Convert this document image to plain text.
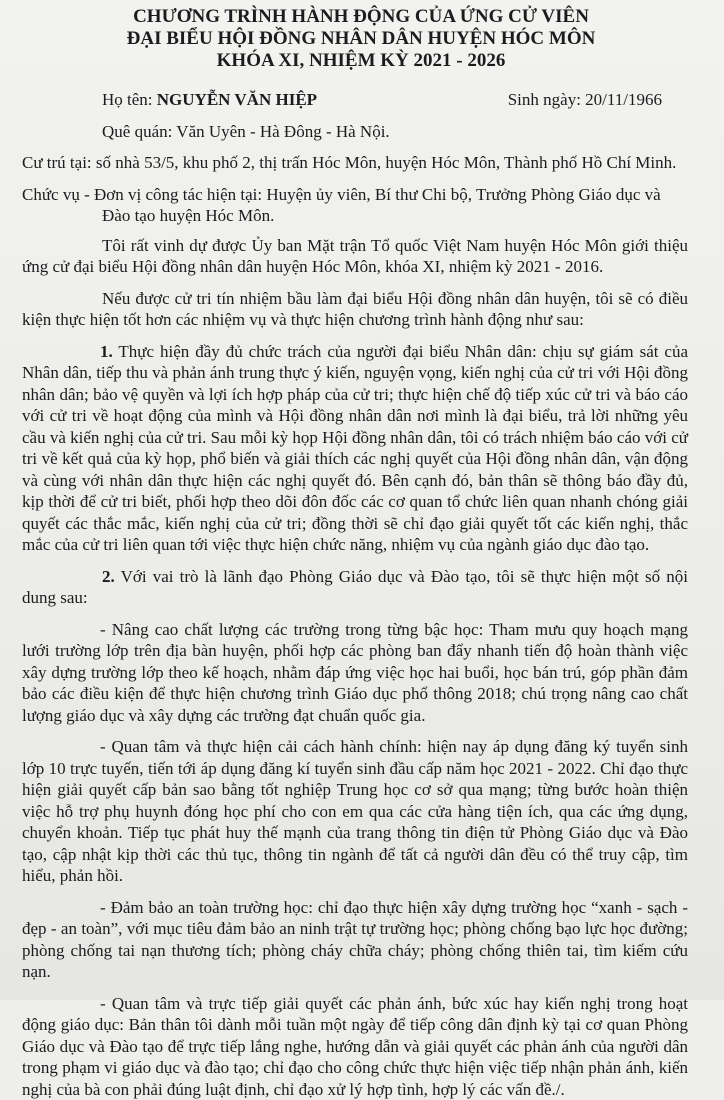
CHƯƠNG TRÌNH HÀNH ĐỘNG CỦA ỨNG CỬ VIÊN
ĐẠI BIỂU HỘI ĐỒNG NHÂN DÂN HUYỆN HÓC MÔN
KHÓA XI, NHIỆM KỲ 2021 - 2026
Họ tên: NGUYỄN VĂN HIỆP	Sinh ngày: 20/11/1966

Quê quán: Văn Uyên - Hà Đông - Hà Nội.

Cư trú tại: số nhà 53/5, khu phố 2, thị trấn Hóc Môn, huyện Hóc Môn, Thành phố Hồ Chí Minh.

Chức vụ - Đơn vị công tác hiện tại: Huyện ủy viên, Bí thư Chi bộ, Trưởng Phòng Giáo dục và Đào tạo huyện Hóc Môn.

Tôi rất vinh dự được Ủy ban Mặt trận Tổ quốc Việt Nam huyện Hóc Môn giới thiệu ứng cử đại biểu Hội đồng nhân dân huyện Hóc Môn, khóa XI, nhiệm kỳ 2021 - 2016.

Nếu được cử tri tín nhiệm bầu làm đại biểu Hội đồng nhân dân huyện, tôi sẽ có điều kiện thực hiện tốt hơn các nhiệm vụ và thực hiện chương trình hành động như sau:

1. Thực hiện đầy đủ chức trách của người đại biểu Nhân dân: chịu sự giám sát của Nhân dân, tiếp thu và phản ánh trung thực ý kiến, nguyện vọng, kiến nghị của cử tri với Hội đồng nhân dân; bảo vệ quyền và lợi ích hợp pháp của cử tri; thực hiện chế độ tiếp xúc cử tri và báo cáo với cử tri về hoạt động của mình và Hội đồng nhân dân nơi mình là đại biểu, trả lời những yêu cầu và kiến nghị của cử tri. Sau mỗi kỳ họp Hội đồng nhân dân, tôi có trách nhiệm báo cáo với cử tri về kết quả của kỳ họp, phổ biến và giải thích các nghị quyết của Hội đồng nhân dân, vận động và cùng với nhân dân thực hiện các nghị quyết đó. Bên cạnh đó, bản thân sẽ thông báo đầy đủ, kịp thời để cử tri biết, phối hợp theo dõi đôn đốc các cơ quan tổ chức liên quan nhanh chóng giải quyết các thắc mắc, kiến nghị của cử tri; đồng thời sẽ chỉ đạo giải quyết tốt các kiến nghị, thắc mắc của cử tri liên quan tới việc thực hiện chức năng, nhiệm vụ của ngành giáo dục đào tạo.

2. Với vai trò là lãnh đạo Phòng Giáo dục và Đào tạo, tôi sẽ thực hiện một số nội dung sau:

- Nâng cao chất lượng các trường trong từng bậc học: Tham mưu quy hoạch mạng lưới trường lớp trên địa bàn huyện, phối hợp các phòng ban đẩy nhanh tiến độ hoàn thành việc xây dựng trường lớp theo kế hoạch, nhằm đáp ứng việc học hai buổi, học bán trú, góp phần đảm bảo các điều kiện để thực hiện chương trình Giáo dục phổ thông 2018; chú trọng nâng cao chất lượng giáo dục và xây dựng các trường đạt chuẩn quốc gia.

- Quan tâm và thực hiện cải cách hành chính: hiện nay áp dụng đăng ký tuyển sinh lớp 10 trực tuyến, tiến tới áp dụng đăng kí tuyển sinh đầu cấp năm học 2021 - 2022. Chỉ đạo thực hiện giải quyết cấp bản sao bằng tốt nghiệp Trung học cơ sở qua mạng; từng bước hoàn thiện việc hỗ trợ phụ huynh đóng học phí cho con em qua các cửa hàng tiện ích, qua các ứng dụng, chuyển khoản. Tiếp tục phát huy thế mạnh của trang thông tin điện tử Phòng Giáo dục và Đào tạo, cập nhật kịp thời các thủ tục, thông tin ngành để tất cả người dân đều có thể truy cập, tìm hiểu, phản hồi.

- Đảm bảo an toàn trường học: chỉ đạo thực hiện xây dựng trường học “xanh - sạch - đẹp - an toàn”, với mục tiêu đảm bảo an ninh trật tự trường học; phòng chống bạo lực học đường; phòng chống tai nạn thương tích; phòng cháy chữa cháy; phòng chống thiên tai, tìm kiếm cứu nạn.

- Quan tâm và trực tiếp giải quyết các phản ánh, bức xúc hay kiến nghị trong hoạt động giáo dục: Bản thân tôi dành mỗi tuần một ngày để tiếp công dân định kỳ tại cơ quan Phòng Giáo dục và Đào tạo để trực tiếp lắng nghe, hướng dẫn và giải quyết các phản ánh của người dân trong phạm vi giáo dục và đào tạo; chỉ đạo cho công chức thực hiện việc tiếp nhận phản ánh, kiến nghị của bà con phải đúng luật định, chỉ đạo xử lý hợp tình, hợp lý các vấn đề./.
